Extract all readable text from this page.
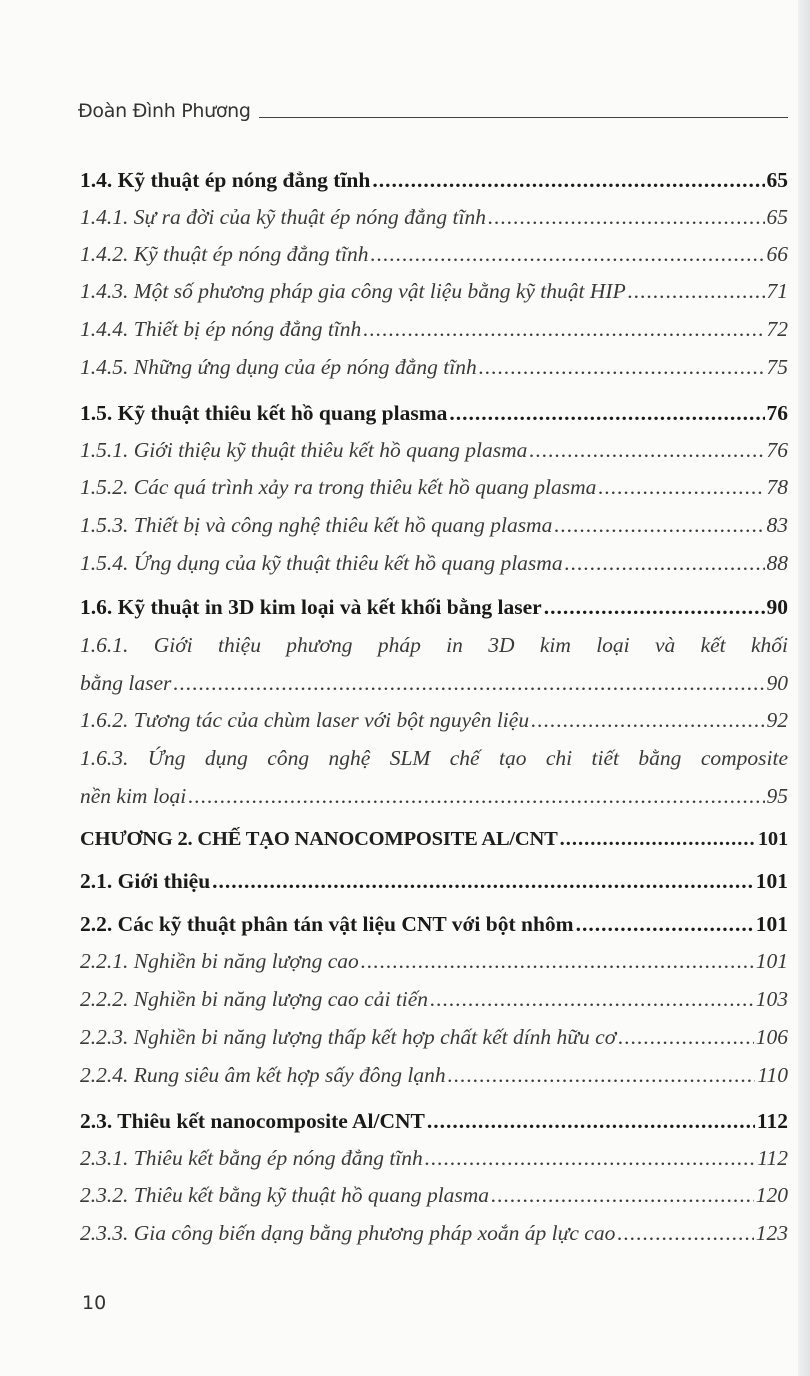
Đoàn Đình Phương
1.4. Kỹ thuật ép nóng đẳng tĩnh .....	65
1.4.1. Sự ra đời của kỹ thuật ép nóng đẳng tĩnh .....	65
1.4.2. Kỹ thuật ép nóng đẳng tĩnh .....	66
1.4.3. Một số phương pháp gia công vật liệu bằng kỹ thuật HIP .....	71
1.4.4. Thiết bị ép nóng đẳng tĩnh .....	72
1.4.5. Những ứng dụng của ép nóng đẳng tĩnh .....	75
1.5. Kỹ thuật thiêu kết hồ quang plasma .....	76
1.5.1. Giới thiệu kỹ thuật thiêu kết hồ quang plasma .....	76
1.5.2. Các quá trình xảy ra trong thiêu kết hồ quang plasma .....	78
1.5.3. Thiết bị và công nghệ thiêu kết hồ quang plasma .....	83
1.5.4. Ứng dụng của kỹ thuật thiêu kết hồ quang plasma .....	88
1.6. Kỹ thuật in 3D kim loại và kết khối bằng laser .....	90
1.6.1. Giới thiệu phương pháp in 3D kim loại và kết khối
bằng laser .....	90
1.6.2. Tương tác của chùm laser với bột nguyên liệu .....	92
1.6.3. Ứng dụng công nghệ SLM chế tạo chi tiết bằng composite
nền kim loại .....	95
CHƯƠNG 2. CHẾ TẠO NANOCOMPOSITE AL/CNT .....	101
2.1. Giới thiệu .....	101
2.2. Các kỹ thuật phân tán vật liệu CNT với bột nhôm .....	101
2.2.1. Nghiền bi năng lượng cao .....	101
2.2.2. Nghiền bi năng lượng cao cải tiến .....	103
2.2.3. Nghiền bi năng lượng thấp kết hợp chất kết dính hữu cơ .....	106
2.2.4. Rung siêu âm kết hợp sấy đông lạnh .....	110
2.3. Thiêu kết nanocomposite Al/CNT .....	112
2.3.1. Thiêu kết bằng ép nóng đẳng tĩnh .....	112
2.3.2. Thiêu kết bằng kỹ thuật hồ quang plasma .....	120
2.3.3. Gia công biến dạng bằng phương pháp xoắn áp lực cao .....	123
10
